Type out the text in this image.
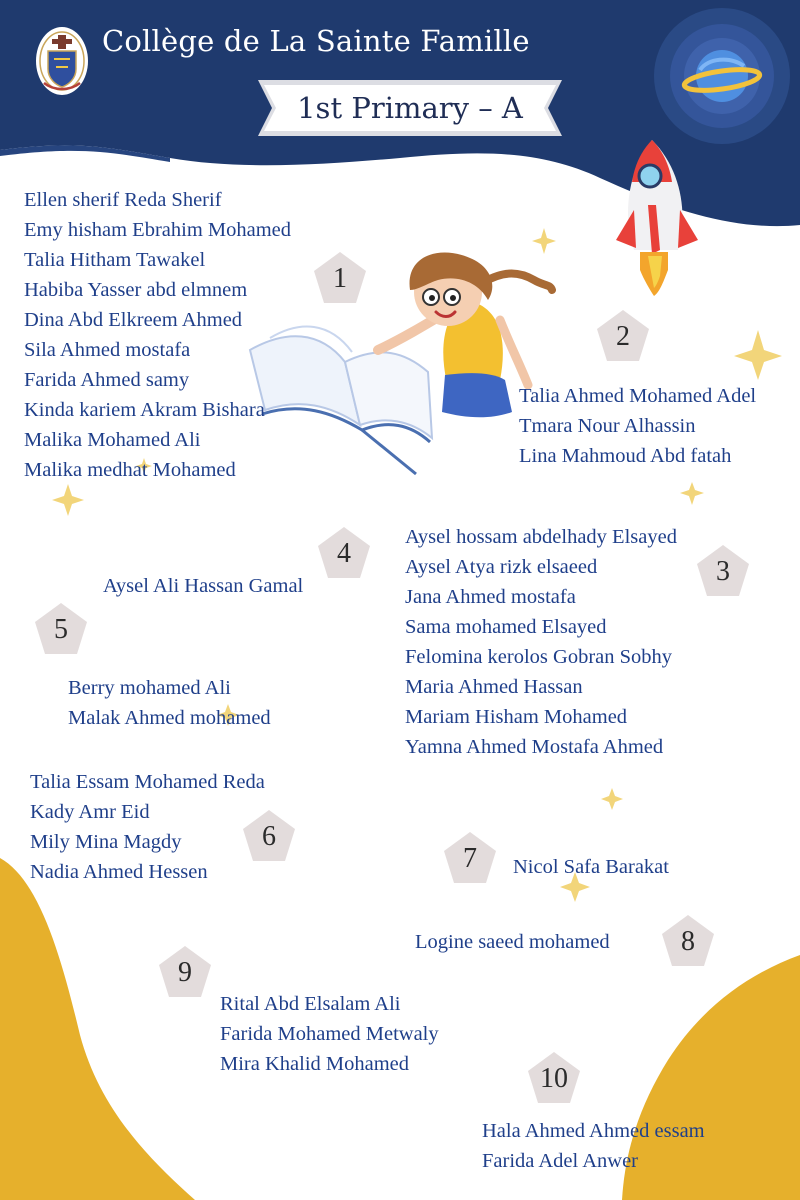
Collège de La Sainte Famille
1st Primary – A
1
2
3
4
5
6
7
8
9
10
Ellen sherif Reda Sherif
Emy hisham Ebrahim Mohamed
Talia Hitham Tawakel
Habiba Yasser abd elmnem
Dina Abd Elkreem Ahmed
Sila Ahmed mostafa
Farida Ahmed samy
Kinda kariem Akram Bishara
Malika Mohamed Ali
Malika medhat Mohamed
Talia Ahmed Mohamed Adel
Tmara Nour Alhassin
Lina Mahmoud Abd fatah
Aysel hossam abdelhady Elsayed
Aysel Atya rizk elsaeed
Jana Ahmed mostafa
Sama mohamed Elsayed
Felomina kerolos Gobran Sobhy
Maria Ahmed Hassan
Mariam Hisham Mohamed
Yamna Ahmed Mostafa Ahmed
Aysel Ali Hassan Gamal
Berry mohamed Ali
Malak Ahmed mohamed
Talia Essam Mohamed Reda
Kady Amr Eid
Mily Mina Magdy
Nadia Ahmed Hessen	Nicol Safa Barakat
Logine saeed mohamed
Rital Abd Elsalam Ali
Farida Mohamed Metwaly
Mira Khalid Mohamed
Hala Ahmed Ahmed essam
Farida Adel Anwer
